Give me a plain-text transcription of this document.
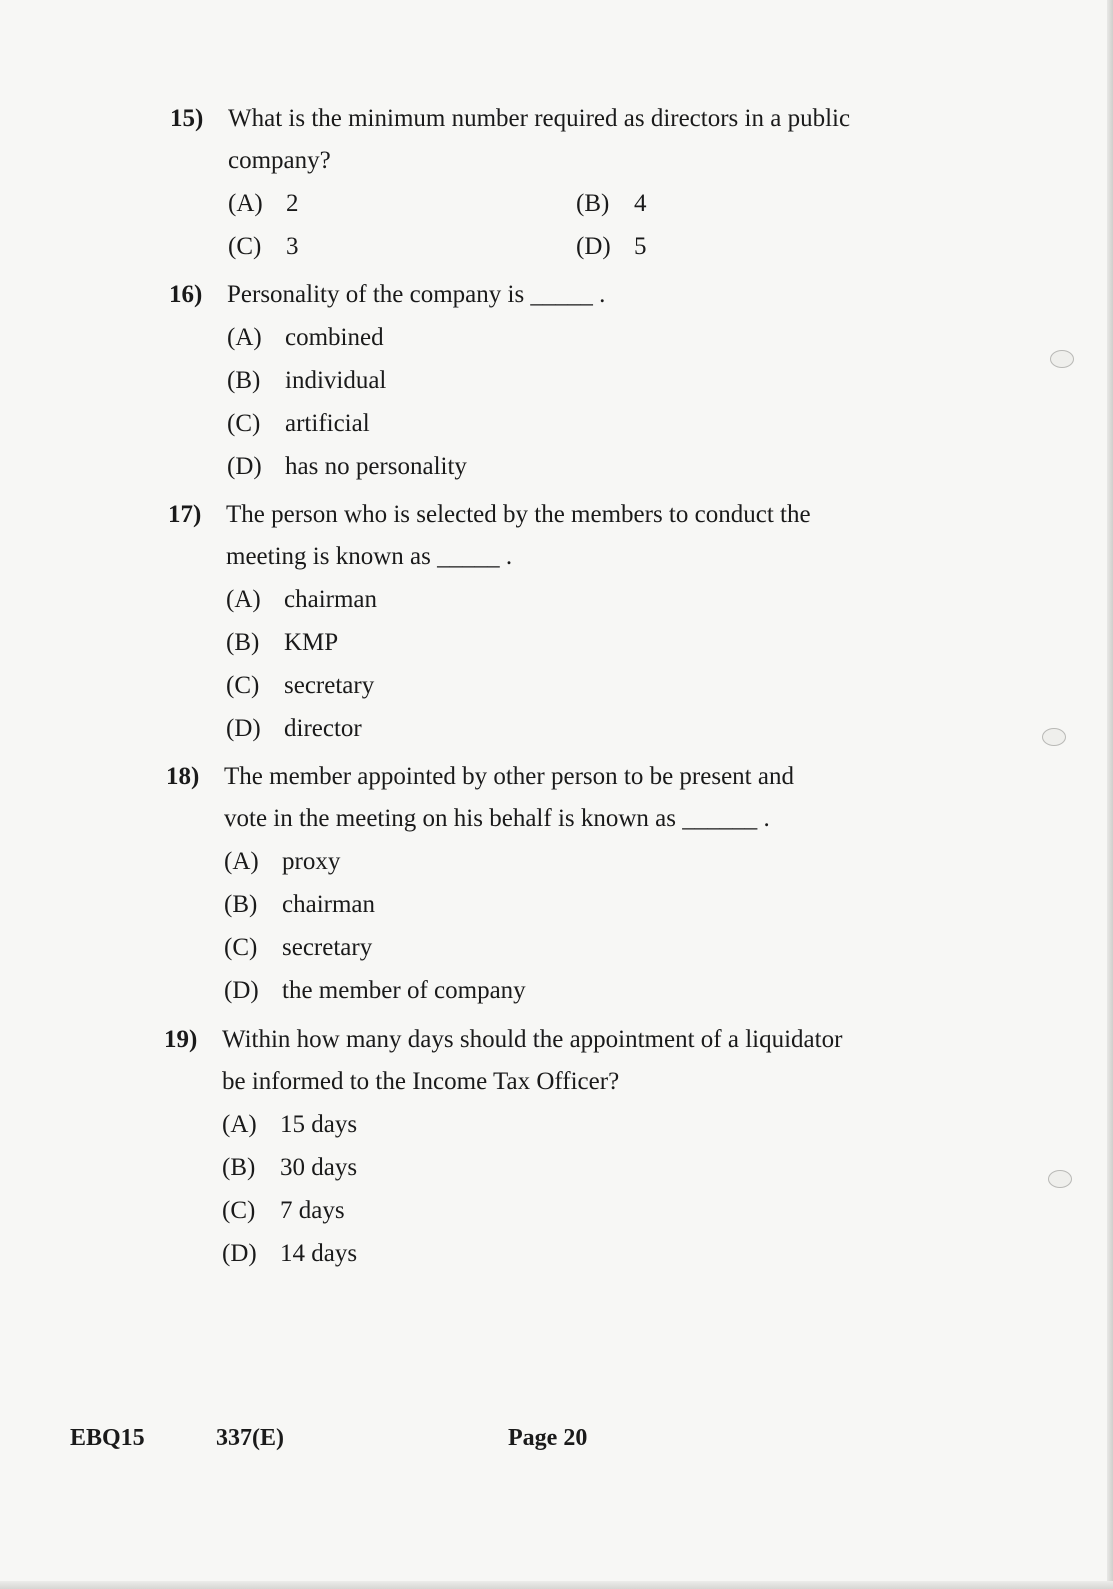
15) What is the minimum number required as directors in a public
company?
(A) 2	(B) 4
(C) 3	(D) 5
16) Personality of the company is _____ .
(A) combined
(B) individual
(C) artificial
(D) has no personality
17) The person who is selected by the members to conduct the
meeting is known as _____ .
(A) chairman
(B) KMP
(C) secretary
(D) director
18) The member appointed by other person to be present and
vote in the meeting on his behalf is known as ______ .
(A) proxy
(B) chairman
(C) secretary
(D) the member of company
19) Within how many days should the appointment of a liquidator
be informed to the Income Tax Officer?
(A) 15 days
(B) 30 days
(C) 7 days
(D) 14 days
EBQ15	337(E)	Page 20
